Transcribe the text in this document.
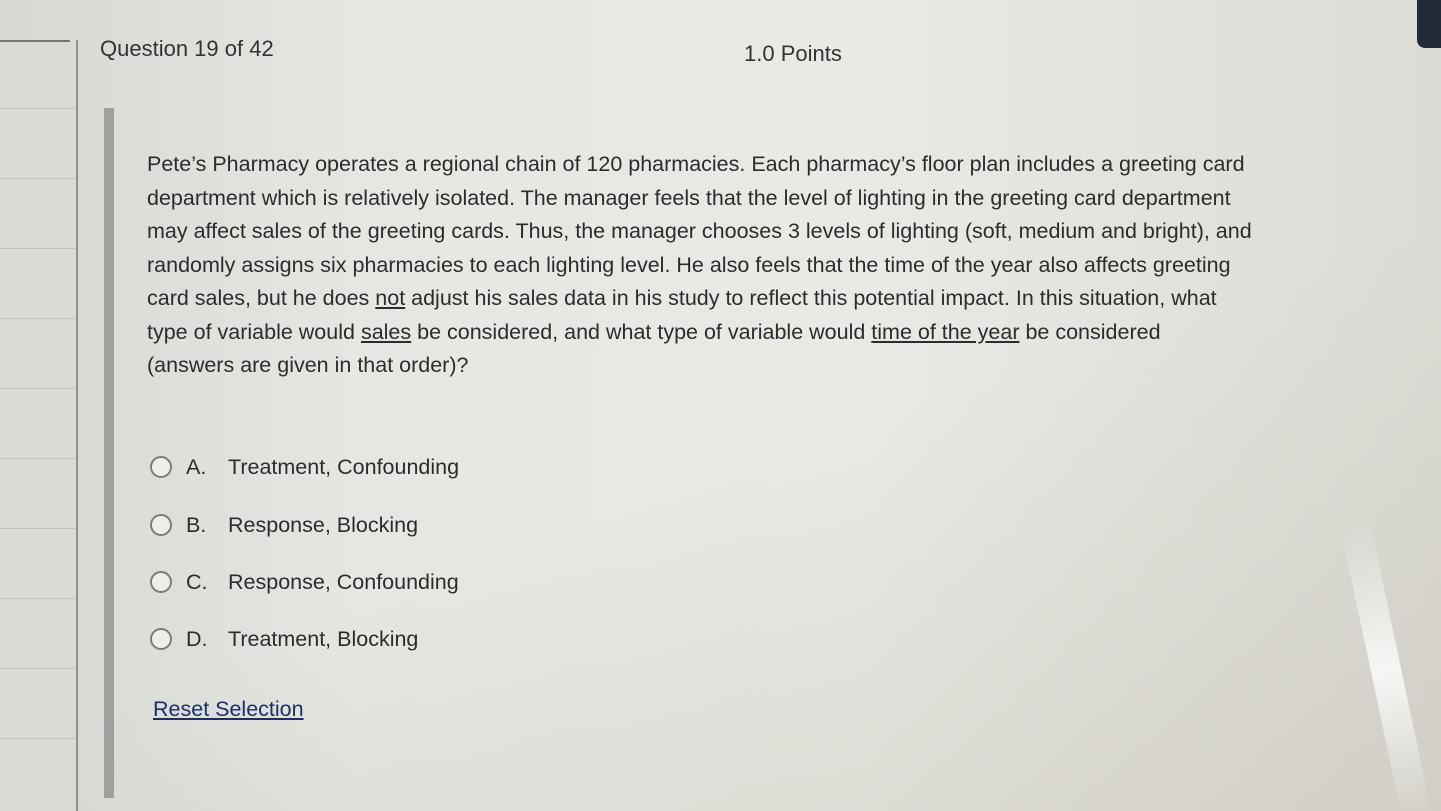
Question 19 of 42	1.0 Points

Pete’s Pharmacy operates a regional chain of 120 pharmacies. Each pharmacy’s floor plan includes a greeting card department which is relatively isolated. The manager feels that the level of lighting in the greeting card department may affect sales of the greeting cards. Thus, the manager chooses 3 levels of lighting (soft, medium and bright), and randomly assigns six pharmacies to each lighting level. He also feels that the time of the year also affects greeting card sales, but he does not adjust his sales data in his study to reflect this potential impact. In this situation, what type of variable would sales be considered, and what type of variable would time of the year be considered (answers are given in that order)?

A.	Treatment, Confounding
B.	Response, Blocking
C. Response, Confounding
D. Treatment, Blocking
Reset Selection
